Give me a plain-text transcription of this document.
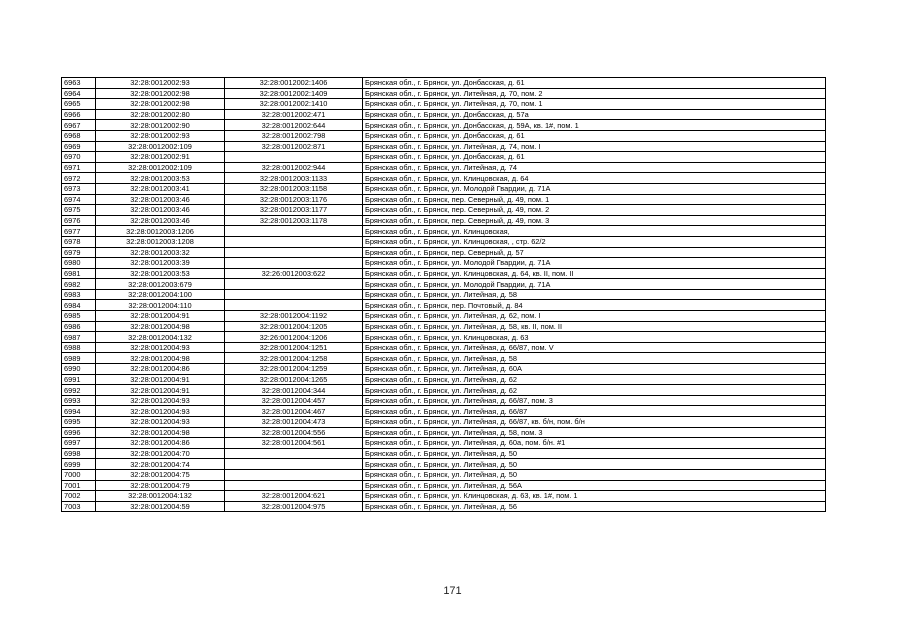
6963	32:28:0012002:93	32:28:0012002:1406	Брянская обл., г. Брянск, ул. Донбасская, д. 61
6964	32:28:0012002:98	32:28:0012002:1409	Брянская обл., г. Брянск, ул. Литейная, д. 70, пом. 2
6965	32:28:0012002:98	32:28:0012002:1410	Брянская обл., г. Брянск, ул. Литейная, д. 70, пом. 1
6966	32:28:0012002:80	32:28:0012002:471	Брянская обл., г. Брянск, ул. Донбасская, д. 57а
6967	32:28:0012002:90	32:28:0012002:644	Брянская обл., г. Брянск, ул. Донбасская, д. 59А, кв. 1#, пом. 1
6968	32:28:0012002:93	32:28:0012002:798	Брянская обл., г. Брянск, ул. Донбасская, д. 61
6969	32:28:0012002:109	32:28:0012002:871	Брянская обл., г. Брянск, ул. Литейная, д. 74, пом. I
6970	32:28:0012002:91		Брянская обл., г. Брянск, ул. Донбасская, д. 61
6971	32:28:0012002:109	32:28:0012002:944	Брянская обл., г. Брянск, ул. Литейная, д. 74
6972	32:28:0012003:53	32:28:0012003:1133	Брянская обл., г. Брянск, ул. Клинцовская, д. 64
6973	32:28:0012003:41	32:28:0012003:1158	Брянская обл., г. Брянск, ул. Молодой Гвардии, д. 71А
6974	32:28:0012003:46	32:28:0012003:1176	Брянская обл., г. Брянск, пер. Северный, д. 49, пом. 1
6975	32:28:0012003:46	32:28:0012003:1177	Брянская обл., г. Брянск, пер. Северный, д. 49, пом. 2
6976	32:28:0012003:46	32:28:0012003:1178	Брянская обл., г. Брянск, пер. Северный, д. 49, пом. 3
6977	32:28:0012003:1206		Брянская обл., г. Брянск, ул. Клинцовская,
6978	32:28:0012003:1208		Брянская обл., г. Брянск, ул. Клинцовская, , стр. 62/2
6979	32:28:0012003:32		Брянская обл., г. Брянск, пер. Северный, д. 57
6980	32:28:0012003:39		Брянская обл., г. Брянск, ул. Молодой Гвардии, д. 71А
6981	32:28:0012003:53	32:26:0012003:622	Брянская обл., г. Брянск, ул. Клинцовская, д. 64, кв. II, пом. II
6982	32:28:0012003:679		Брянская обл., г. Брянск, ул. Молодой Гвардии, д. 71А
6983	32:28:0012004:100		Брянская обл., г. Брянск, ул. Литейная, д. 58
6984	32:28:0012004:110		Брянская обл., г. Брянск, пер. Почтовый, д. 84
6985	32:28:0012004:91	32:28:0012004:1192	Брянская обл., г. Брянск, ул. Литейная, д. 62, пом. I
6986	32:28:0012004:98	32:28:0012004:1205	Брянская обл., г. Брянск, ул. Литейная, д. 58, кв. II, пом. II
6987	32:28:0012004:132	32:26:0012004:1206	Брянская обл., г. Брянск, ул. Клинцовская, д. 63
6988	32:28:0012004:93	32:28:0012004:1251	Брянская обл., г. Брянск, ул. Литейная, д. 66/87, пом. V
6989	32:28:0012004:98	32:28:0012004:1258	Брянская обл., г. Брянск, ул. Литейная, д. 58
6990	32:28:0012004:86	32:28:0012004:1259	Брянская обл., г. Брянск, ул. Литейная, д. 60А
6991	32:28:0012004:91	32:28:0012004:1265	Брянская обл., г. Брянск, ул. Литейная, д. 62
6992	32:28:0012004:91	32:28:0012004:344	Брянская обл., г. Брянск, ул. Литейная, д. 62
6993	32:28:0012004:93	32:28:0012004:457	Брянская обл., г. Брянск, ул. Литейная, д. 66/87, пом. 3
6994	32:28:0012004:93	32:28:0012004:467	Брянская обл., г. Брянск, ул. Литейная, д. 66/87
6995	32:28:0012004:93	32:28:0012004:473	Брянская обл., г. Брянск, ул. Литейная, д. 66/87, кв. б/н, пом. б/н
6996	32:28:0012004:98	32:28:0012004:556	Брянская обл., г. Брянск, ул. Литейная, д. 58, пом. 3
6997	32:28:0012004:86	32:28:0012004:561	Брянская обл., г. Брянск, ул. Литейная, д. 60а, пом. б/н. #1
6998	32:28:0012004:70		Брянская обл., г. Брянск, ул. Литейная, д. 50
6999	32:28:0012004:74		Брянская обл., г. Брянск, ул. Литейная, д. 50
7000	32:28:0012004:75		Брянская обл., г. Брянск, ул. Литейная, д. 50
7001	32:28:0012004:79		Брянская обл., г. Брянск, ул. Литейная, д. 56А
7002	32:28:0012004:132	32:28:0012004:621	Брянская обл., г. Брянск, ул. Клинцовская, д. 63, кв. 1#, пом. 1
7003	32:28:0012004:59	32:28:0012004:975	Брянская обл., г. Брянск, ул. Литейная, д. 56
171
